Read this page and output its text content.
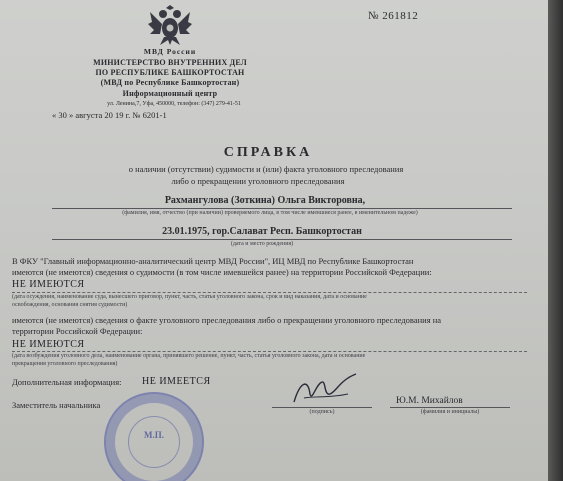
МВД России
МИНИСТЕРСТВО ВНУТРЕННИХ ДЕЛ
ПО РЕСПУБЛИКЕ БАШКОРТОСТАН
(МВД по Республике Башкортостан)
Информационный центр
ул. Ленина,7, Уфа, 450000, телефон: (347) 279-41-51
« 30 » августа 20 19 г. № 6201-1
№ 261812
СПРАВКА
о наличии (отсутствии) судимости и (или) факта уголовного преследования
либо о прекращении уголовного преследования
Рахмангулова (Зоткина) Ольга Викторовна,
(фамилия, имя, отчество (при наличии) проверяемого лица, в том числе имевшиеся ранее, в именительном падеже)
23.01.1975, гор.Салават Респ. Башкортостан
(дата и место рождения)
В ФКУ "Главный информационно-аналитический центр МВД России", ИЦ МВД по Республике Башкортостан
имеются (не имеются) сведения о судимости (в том числе имевшейся ранее) на территории Российской Федерации:
НЕ ИМЕЮТСЯ
(дата осуждения, наименование суда, вынесшего приговор, пункт, часть, статья уголовного закона, срок и вид наказания, дата и основание
освобождения, основания снятия судимости)
имеются (не имеются) сведения о факте уголовного преследования либо о прекращении уголовного преследования на
территории Российской Федерации:
НЕ ИМЕЮТСЯ
(дата возбуждения уголовного дела, наименование органа, принявшего решение, пункт, часть, статья уголовного закона, дата и основание
прекращения уголовного преследования)
Дополнительная информация: НЕ ИМЕЕТСЯ
Заместитель начальника
(подпись)
Ю.М. Михайлов
(фамилия и инициалы)
М.П.
